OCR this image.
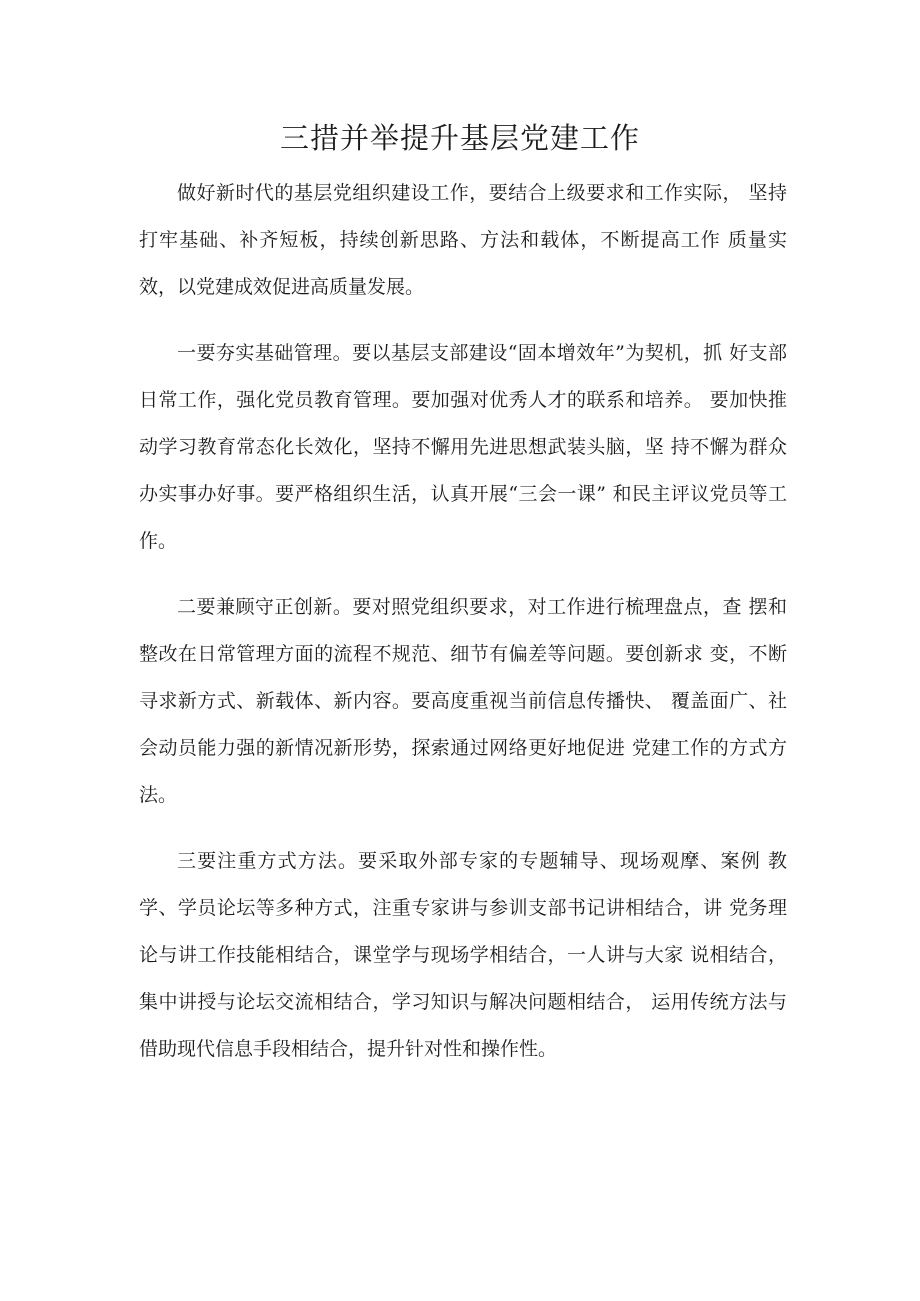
三措并举提升基层党建工作

做好新时代的基层党组织建设工作，要结合上级要求和工作实际， 坚持打牢基础、补齐短板，持续创新思路、方法和载体，不断提高工作 质量实效，以党建成效促进高质量发展。

一要夯实基础管理。要以基层支部建设“固本增效年”为契机，抓 好支部日常工作，强化党员教育管理。要加强对优秀人才的联系和培养。 要加快推动学习教育常态化长效化，坚持不懈用先进思想武装头脑，坚 持不懈为群众办实事办好事。要严格组织生活，认真开展“三会一课” 和民主评议党员等工作。

二要兼顾守正创新。要对照党组织要求，对工作进行梳理盘点，查 摆和整改在日常管理方面的流程不规范、细节有偏差等问题。要创新求 变，不断寻求新方式、新载体、新内容。要高度重视当前信息传播快、 覆盖面广、社会动员能力强的新情况新形势，探索通过网络更好地促进 党建工作的方式方法。

三要注重方式方法。要采取外部专家的专题辅导、现场观摩、案例 教学、学员论坛等多种方式，注重专家讲与参训支部书记讲相结合，讲 党务理论与讲工作技能相结合，课堂学与现场学相结合，一人讲与大家 说相结合，集中讲授与论坛交流相结合，学习知识与解决问题相结合， 运用传统方法与借助现代信息手段相结合，提升针对性和操作性。
